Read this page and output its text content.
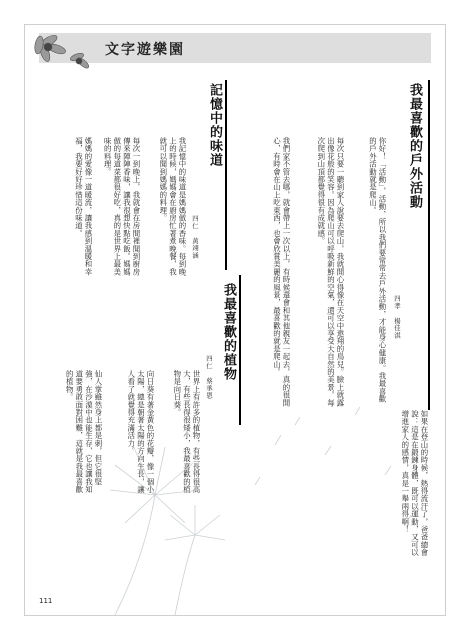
文字遊樂園
我最喜歡的戶外活動
四孝　楊佳淇
你好！「活動」，活動，所以我們要常常去戶外活動，才能身心健康。我最喜歡的戶外活動就是爬山。
每次只要一聽到家人說要去爬山，我就開心得像在天空中遨翔的鳥兒。臉上就露出像花般的笑容。因為爬山可以呼吸新鮮的空氣，還可以享受大自然的美景。每次爬到山頂都覺得很有成就感。
我們家不管去哪，就會帶上一次以上，有時候還會和其他親友一起去，真的很開心，有時會在山上吃東西，也會欣賞美麗的風景，最喜歡的就是爬山。
如果在登山的時候，熱得流汗了，爸爸總會說：這是在鍛鍊身體，既可以運動，又可以增進家人的感情，真是一舉兩得啊！
記憶中的味道
四仁　黃翊涵
我記憶中的味道是媽媽做的香味。每到晚上的時候，媽媽會在廚房忙著煮晚餐，我就可以聞到媽媽的料理。
每次一到晚上，我就會在房間裡聞到廚房傳來陣陣香味，讓我很想快點吃飯。媽媽做的每道菜都很好吃，真的是世界上最美味的料理。
媽媽的愛像一道暖流，讓我感到溫暖和幸福，我要好好珍惜這份味道。
我最喜歡的植物
四仁　蔡承恩
世界上有許多的植物，有些長得很高大，有些長得很矮小，我最喜歡的植物是向日葵。
向日葵有著金黃色的花瓣，像一個小太陽，總是朝著太陽的方向生長，讓人看了就覺得充滿活力。
仙人掌雖然身上都是刺，但它很堅強，在沙漠中也能生存，它也讓我知道要勇敢面對困難，這就是我最喜歡的植物。
111
